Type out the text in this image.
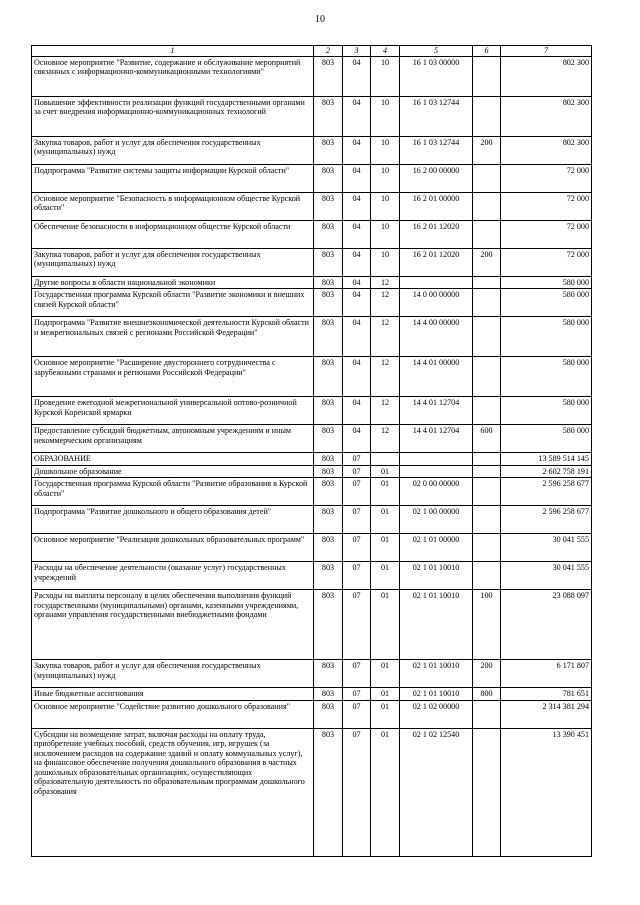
10
1	2	3	4	5	6	7
Основное мероприятие "Развитие, содержание и обслуживание мероприятий связанных с информационно-коммуникационными технологиями"	803	04	10	16 1 03 00000		802 300
Повышение эффективности реализации функций государственными органами за счет внедрения информационно-коммуникационных технологий	803	04	10	16 1 03 12744		802 300
Закупка товаров, работ и услуг для обеспечения государственных (муниципальных) нужд	803	04	10	16 1 03 12744	200	802 300
Подпрограмма "Развитие системы защиты информации Курской области"	803	04	10	16 2 00 00000		72 000
Основное мероприятие "Безопасность в информационном обществе Курской области"	803	04	10	16 2 01 00000		72 000
Обеспечение безопасности в информационном обществе Курской области	803	04	10	16 2 01 12020		72 000
Закупка товаров, работ и услуг для обеспечения государственных (муниципальных) нужд	803	04	10	16 2 01 12020	200	72 000
Другие вопросы в области национальной экономики	803	04	12			580 000
Государственная программа Курской области "Развитие экономики и внешних связей Курской области"	803	04	12	14 0 00 00000		580 000
Подпрограмма "Развитие внешнеэкономической деятельности Курской области и межрегиональных связей с регионами Российской Федерации"	803	04	12	14 4 00 00000		580 000
Основное мероприятие "Расширение двустороннего сотрудничества с зарубежными странами и регионами Российской Федерации"	803	04	12	14 4 01 00000		580 000
Проведение ежегодной межрегиональной универсальной оптово-розничной Курской Коренской ярмарки	803	04	12	14 4 01 12704		580 000
Предоставление субсидий бюджетным, автономным учреждениям и иным некоммерческим организациям	803	04	12	14 4 01 12704	600	580 000
ОБРАЗОВАНИЕ	803	07				13 589 514 145
Дошкольное образование	803	07	01			2 602 758 191
Государственная программа Курской области "Развитие образования в Курской области"	803	07	01	02 0 00 00000		2 596 258 677
Подпрограмма "Развитие дошкольного и общего образования детей"	803	07	01	02 1 00 00000		2 596 258 677
Основное мероприятие "Реализация дошкольных образовательных программ"	803	07	01	02 1 01 00000		30 041 555
Расходы на обеспечение деятельности (оказание услуг) государственных учреждений	803	07	01	02 1 01 10010		30 041 555
Расходы на выплаты персоналу в целях обеспечения выполнения функций государственными (муниципальными) органами, казенными учреждениями, органами управления государственными внебюджетными фондами	803	07	01	02 1 01 10010	100	23 088 097
Закупка товаров, работ и услуг для обеспечения государственных (муниципальных) нужд	803	07	01	02 1 01 10010	200	6 171 807
Иные бюджетные ассигнования	803	07	01	02 1 01 10010	800	781 651
Основное мероприятие "Содействие развитию дошкольного образования"	803	07	01	02 1 02 00000		2 314 381 294
Субсидии на возмещение затрат, включая расходы на оплату труда, приобретение учебных пособий, средств обучения, игр, игрушек (за исключением расходов на содержание зданий и оплату коммунальных услуг), на финансовое обеспечение получения дошкольного образования в частных дошкольных образовательных организациях, осуществляющих образовательную деятельность по образовательным программам дошкольного образования	803	07	01	02 1 02 12540		13 390 451
